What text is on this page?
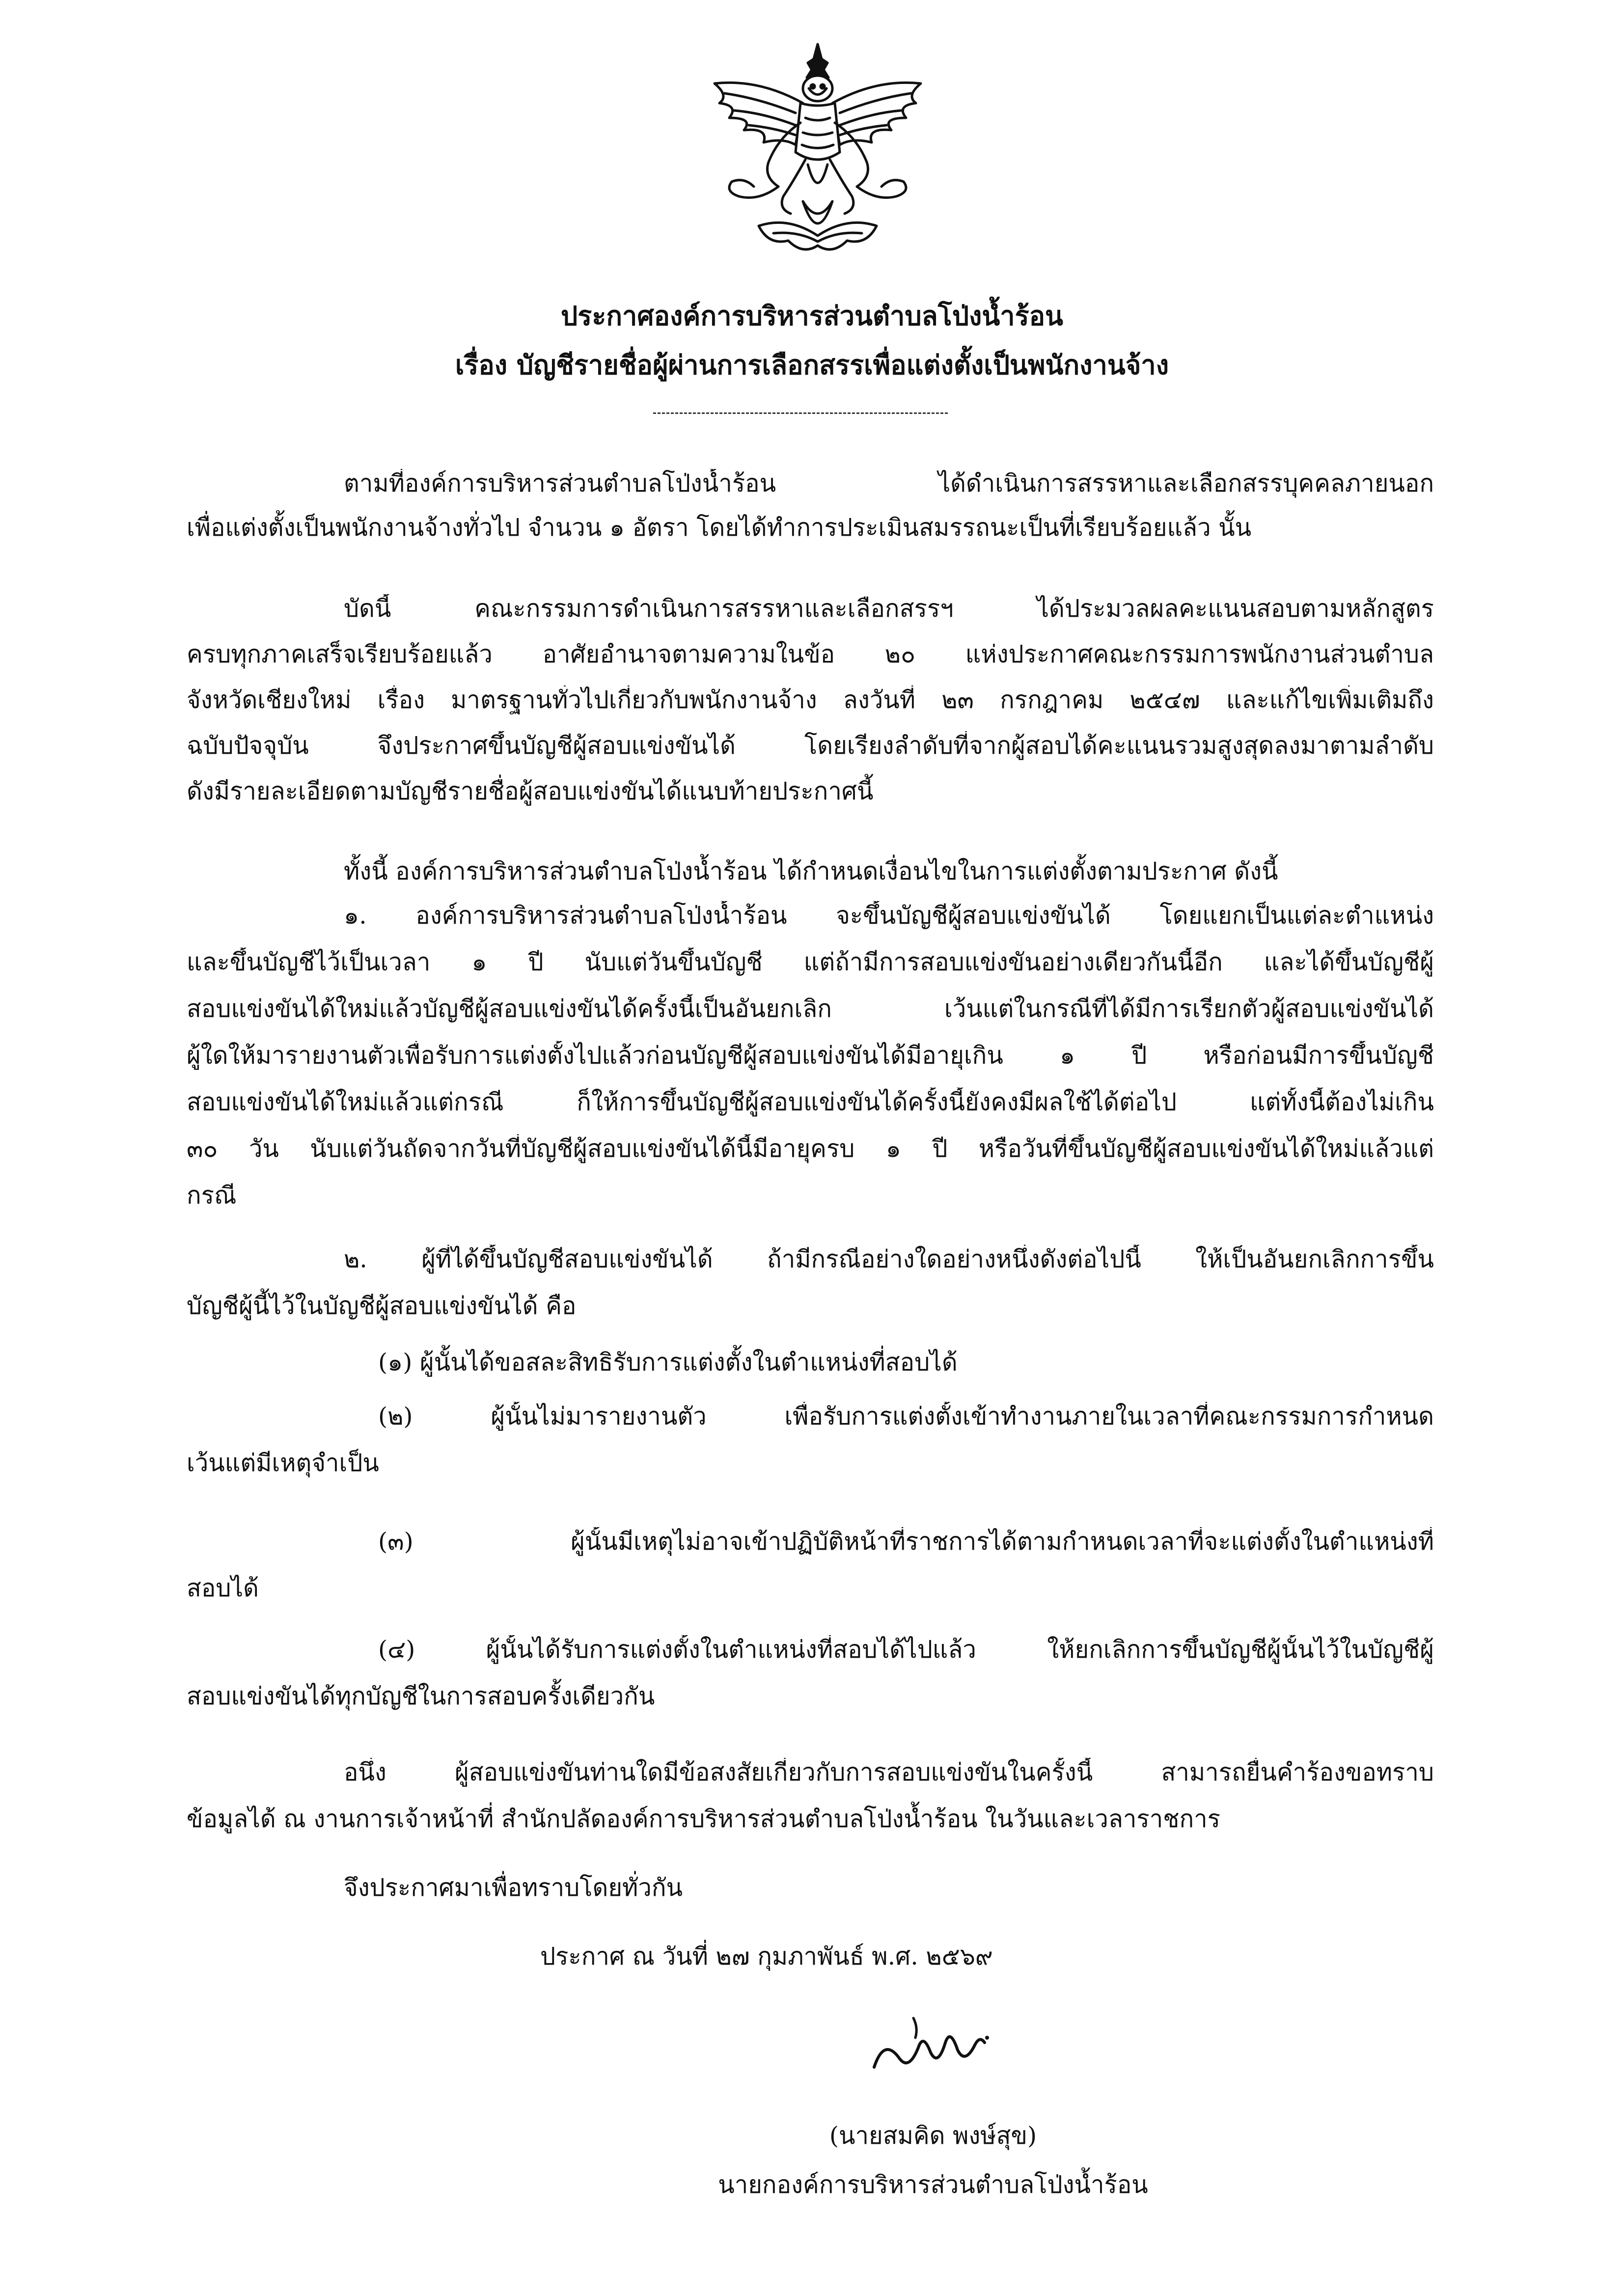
ประกาศองค์การบริหารส่วนตำบลโป่งน้ำร้อน
เรื่อง บัญชีรายชื่อผู้ผ่านการเลือกสรรเพื่อแต่งตั้งเป็นพนักงานจ้าง
ตามที่องค์การบริหารส่วนตำบลโป่งน้ำร้อน ได้ดำเนินการสรรหาและเลือกสรรบุคคลภายนอก
เพื่อแต่งตั้งเป็นพนักงานจ้างทั่วไป จำนวน ๑ อัตรา โดยได้ทำการประเมินสมรรถนะเป็นที่เรียบร้อยแล้ว นั้น
บัดนี้ คณะกรรมการดำเนินการสรรหาและเลือกสรรฯ ได้ประมวลผลคะแนนสอบตามหลักสูตร
ครบทุกภาคเสร็จเรียบร้อยแล้ว อาศัยอำนาจตามความในข้อ ๒๐ แห่งประกาศคณะกรรมการพนักงานส่วนตำบล
จังหวัดเชียงใหม่ เรื่อง มาตรฐานทั่วไปเกี่ยวกับพนักงานจ้าง ลงวันที่ ๒๓ กรกฎาคม ๒๕๔๗ และแก้ไขเพิ่มเติมถึง
ฉบับปัจจุบัน จึงประกาศขึ้นบัญชีผู้สอบแข่งขันได้ โดยเรียงลำดับที่จากผู้สอบได้คะแนนรวมสูงสุดลงมาตามลำดับ
ดังมีรายละเอียดตามบัญชีรายชื่อผู้สอบแข่งขันได้แนบท้ายประกาศนี้
ทั้งนี้ องค์การบริหารส่วนตำบลโป่งน้ำร้อน ได้กำหนดเงื่อนไขในการแต่งตั้งตามประกาศ ดังนี้
๑. องค์การบริหารส่วนตำบลโป่งน้ำร้อน จะขึ้นบัญชีผู้สอบแข่งขันได้ โดยแยกเป็นแต่ละตำแหน่ง
และขึ้นบัญชีไว้เป็นเวลา ๑ ปี นับแต่วันขึ้นบัญชี แต่ถ้ามีการสอบแข่งขันอย่างเดียวกันนี้อีก และได้ขึ้นบัญชีผู้
สอบแข่งขันได้ใหม่แล้วบัญชีผู้สอบแข่งขันได้ครั้งนี้เป็นอันยกเลิก เว้นแต่ในกรณีที่ได้มีการเรียกตัวผู้สอบแข่งขันได้
ผู้ใดให้มารายงานตัวเพื่อรับการแต่งตั้งไปแล้วก่อนบัญชีผู้สอบแข่งขันได้มีอายุเกิน ๑ ปี หรือก่อนมีการขึ้นบัญชี
สอบแข่งขันได้ใหม่แล้วแต่กรณี ก็ให้การขึ้นบัญชีผู้สอบแข่งขันได้ครั้งนี้ยังคงมีผลใช้ได้ต่อไป แต่ทั้งนี้ต้องไม่เกิน
๓๐ วัน นับแต่วันถัดจากวันที่บัญชีผู้สอบแข่งขันได้นี้มีอายุครบ ๑ ปี หรือวันที่ขึ้นบัญชีผู้สอบแข่งขันได้ใหม่แล้วแต่
กรณี
๒. ผู้ที่ได้ขึ้นบัญชีสอบแข่งขันได้ ถ้ามีกรณีอย่างใดอย่างหนึ่งดังต่อไปนี้ ให้เป็นอันยกเลิกการขึ้น
บัญชีผู้นี้ไว้ในบัญชีผู้สอบแข่งขันได้ คือ
(๑) ผู้นั้นได้ขอสละสิทธิรับการแต่งตั้งในตำแหน่งที่สอบได้
(๒) ผู้นั้นไม่มารายงานตัว เพื่อรับการแต่งตั้งเข้าทำงานภายในเวลาที่คณะกรรมการกำหนด
เว้นแต่มีเหตุจำเป็น
(๓) ผู้นั้นมีเหตุไม่อาจเข้าปฏิบัติหน้าที่ราชการได้ตามกำหนดเวลาที่จะแต่งตั้งในตำแหน่งที่
สอบได้
(๔) ผู้นั้นได้รับการแต่งตั้งในตำแหน่งที่สอบได้ไปแล้ว ให้ยกเลิกการขึ้นบัญชีผู้นั้นไว้ในบัญชีผู้
สอบแข่งขันได้ทุกบัญชีในการสอบครั้งเดียวกัน
อนึ่ง ผู้สอบแข่งขันท่านใดมีข้อสงสัยเกี่ยวกับการสอบแข่งขันในครั้งนี้ สามารถยื่นคำร้องขอทราบ
ข้อมูลได้ ณ งานการเจ้าหน้าที่ สำนักปลัดองค์การบริหารส่วนตำบลโป่งน้ำร้อน ในวันและเวลาราชการ
จึงประกาศมาเพื่อทราบโดยทั่วกัน
ประกาศ ณ วันที่ ๒๗ กุมภาพันธ์ พ.ศ. ๒๕๖๙
(นายสมคิด พงษ์สุข)
นายกองค์การบริหารส่วนตำบลโป่งน้ำร้อน
